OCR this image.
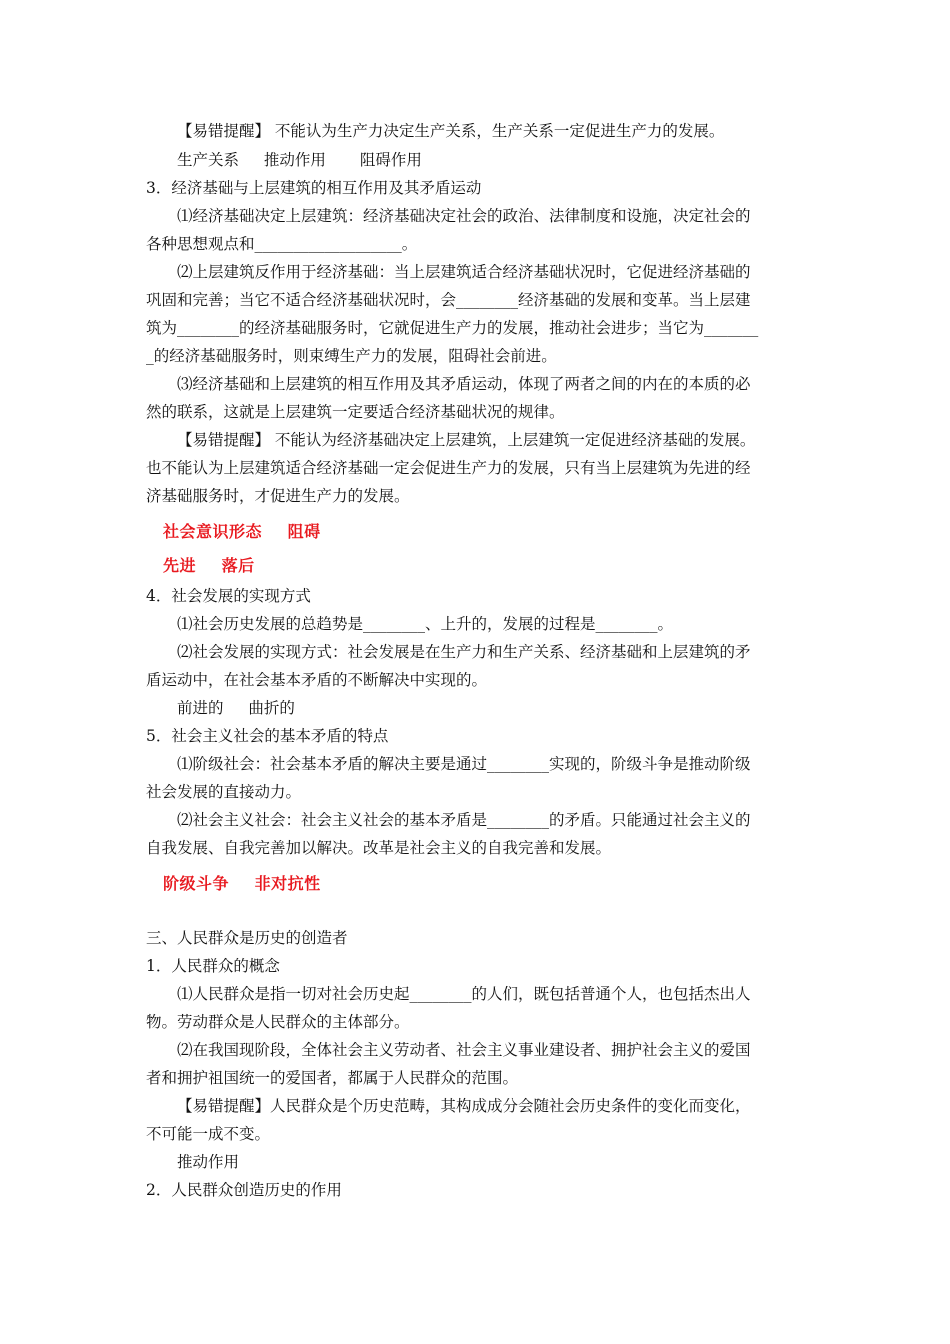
【易错提醒】 不能认为生产力决定生产关系，生产关系一定促进生产力的发展。
生产关系 推动作用 阻碍作用
3．经济基础与上层建筑的相互作用及其矛盾运动
⑴经济基础决定上层建筑：经济基础决定社会的政治、法律制度和设施，决定社会的
各种思想观点和___________________。
⑵上层建筑反作用于经济基础：当上层建筑适合经济基础状况时，它促进经济基础的
巩固和完善；当它不适合经济基础状况时，会________经济基础的发展和变革。当上层建
筑为________的经济基础服务时，它就促进生产力的发展，推动社会进步；当它为_______
_的经济基础服务时，则束缚生产力的发展，阻碍社会前进。
⑶经济基础和上层建筑的相互作用及其矛盾运动，体现了两者之间的内在的本质的必
然的联系，这就是上层建筑一定要适合经济基础状况的规律。
【易错提醒】 不能认为经济基础决定上层建筑，上层建筑一定促进经济基础的发展。
也不能认为上层建筑适合经济基础一定会促进生产力的发展，只有当上层建筑为先进的经
济基础服务时，才促进生产力的发展。
社会意识形态 阻碍
先进 落后
4．社会发展的实现方式
⑴社会历史发展的总趋势是________、上升的，发展的过程是________。
⑵社会发展的实现方式：社会发展是在生产力和生产关系、经济基础和上层建筑的矛
盾运动中，在社会基本矛盾的不断解决中实现的。
前进的 曲折的
5．社会主义社会的基本矛盾的特点
⑴阶级社会：社会基本矛盾的解决主要是通过________实现的，阶级斗争是推动阶级
社会发展的直接动力。
⑵社会主义社会：社会主义社会的基本矛盾是________的矛盾。只能通过社会主义的
自我发展、自我完善加以解决。改革是社会主义的自我完善和发展。
阶级斗争 非对抗性
三、人民群众是历史的创造者
1．人民群众的概念
⑴人民群众是指一切对社会历史起________的人们，既包括普通个人，也包括杰出人
物。劳动群众是人民群众的主体部分。
⑵在我国现阶段，全体社会主义劳动者、社会主义事业建设者、拥护社会主义的爱国
者和拥护祖国统一的爱国者，都属于人民群众的范围。
【易错提醒】人民群众是个历史范畴，其构成成分会随社会历史条件的变化而变化，
不可能一成不变。
推动作用
2．人民群众创造历史的作用
